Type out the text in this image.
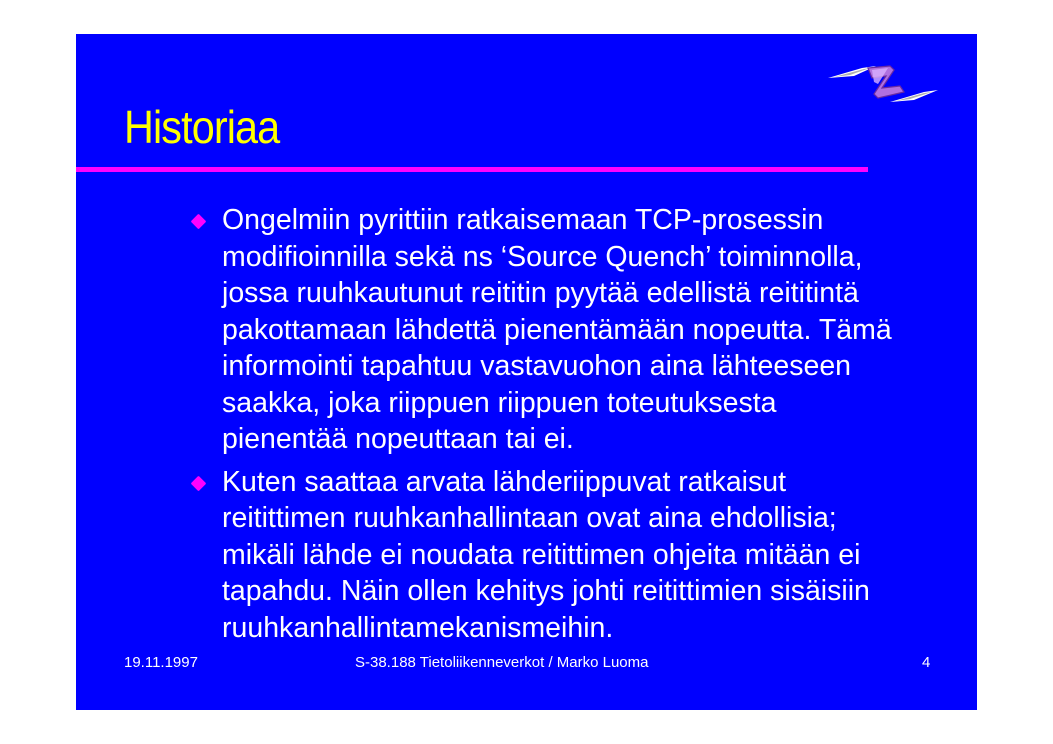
Historiaa
Ongelmiin pyrittiin ratkaisemaan TCP-prosessin
modifioinnilla sekä ns ‘Source Quench’ toiminnolla,
jossa ruuhkautunut reititin pyytää edellistä reititintä
pakottamaan lähdettä pienentämään nopeutta. Tämä
informointi tapahtuu vastavuohon aina lähteeseen
saakka, joka riippuen riippuen toteutuksesta
pienentää nopeuttaan tai ei.
Kuten saattaa arvata lähderiippuvat ratkaisut
reitittimen ruuhkanhallintaan ovat aina ehdollisia;
mikäli lähde ei noudata reitittimen ohjeita mitään ei
tapahdu. Näin ollen kehitys johti reitittimien sisäisiin
ruuhkanhallintamekanismeihin.
19.11.1997	S-38.188 Tietoliikenneverkot / Marko Luoma	4
